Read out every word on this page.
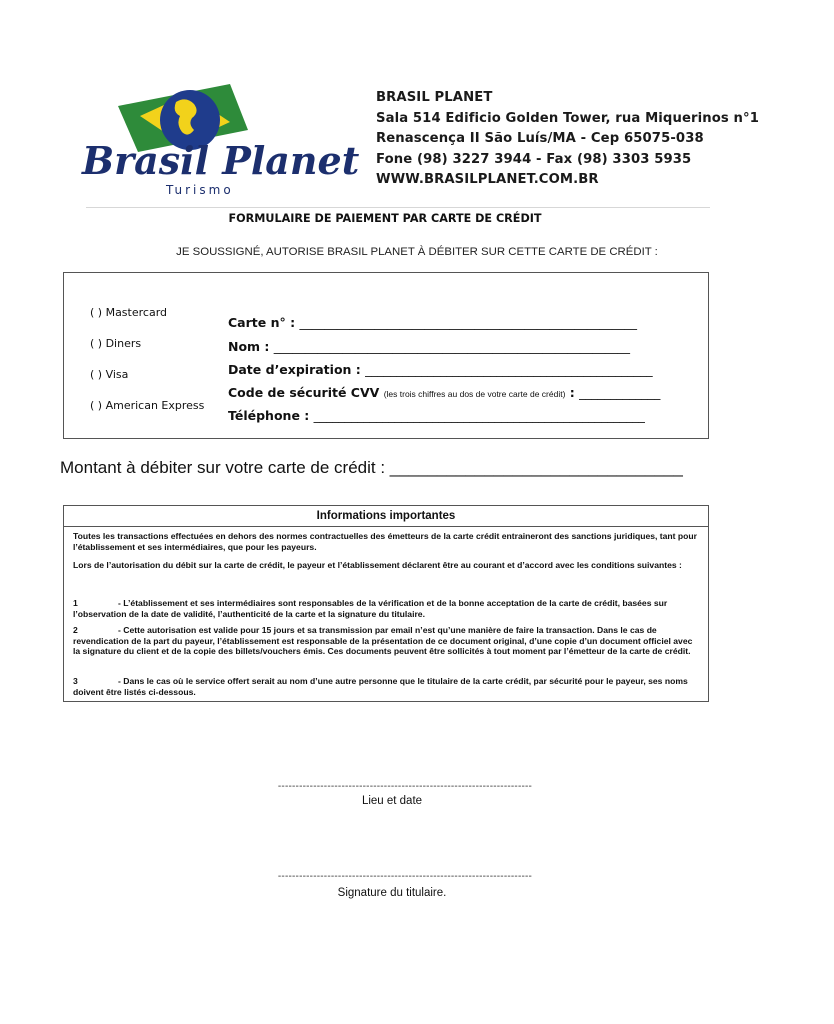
Brasil Planet
Turismo
BRASIL PLANET
Sala 514 Edificio Golden Tower, rua Miquerinos n°1
Renascença II São Luís/MA - Cep 65075-038
Fone (98) 3227 3944 - Fax (98) 3303 5935
WWW.BRASILPLANET.COM.BR
FORMULAIRE DE PAIEMENT PAR CARTE DE CRÉDIT
JE SOUSSIGNÉ, AUTORISE BRASIL PLANET À DÉBITER SUR CETTE CARTE DE CRÉDIT :
( ) Mastercard
( ) Diners
( ) Visa
( ) American Express
Carte n° : ______________________________________________________
Nom : _________________________________________________________
Date d’expiration : ______________________________________________
Code de sécurité CVV (les trois chiffres au dos de votre carte de crédit) : _____________
Téléphone : _____________________________________________________
Montant à débiter sur votre carte de crédit : _______________________________
Informations importantes
Toutes les transactions effectuées en dehors des normes contractuelles des émetteurs de la carte crédit entraineront des sanctions juridiques, tant pour l’établissement et ses intermédiaires, que pour les payeurs.
Lors de l’autorisation du débit sur la carte de crédit, le payeur et l’établissement déclarent être au courant et d’accord avec les conditions suivantes :
1	- L’établissement et ses intermédiaires sont responsables de la vérification et de la bonne acceptation de la carte de crédit, basées sur l’observation de la date de validité, l’authenticité de la carte et la signature du titulaire.
2	- Cette autorisation est valide pour 15 jours et sa transmission par email n’est qu’une manière de faire la transaction. Dans le cas de revendication de la part du payeur, l’établissement est responsable de la présentation de ce document original, d’une copie d’un document officiel avec la signature du client et de la copie des billets/vouchers émis. Ces documents peuvent être sollicités à tout moment par l’émetteur de la carte de crédit.
3	- Dans le cas où le service offert serait au nom d’une autre personne que le titulaire de la carte crédit, par sécurité pour le payeur, ses noms doivent être listés ci-dessous.
------------------------------------------------------------------------
Lieu et date
------------------------------------------------------------------------
Signature du titulaire.
